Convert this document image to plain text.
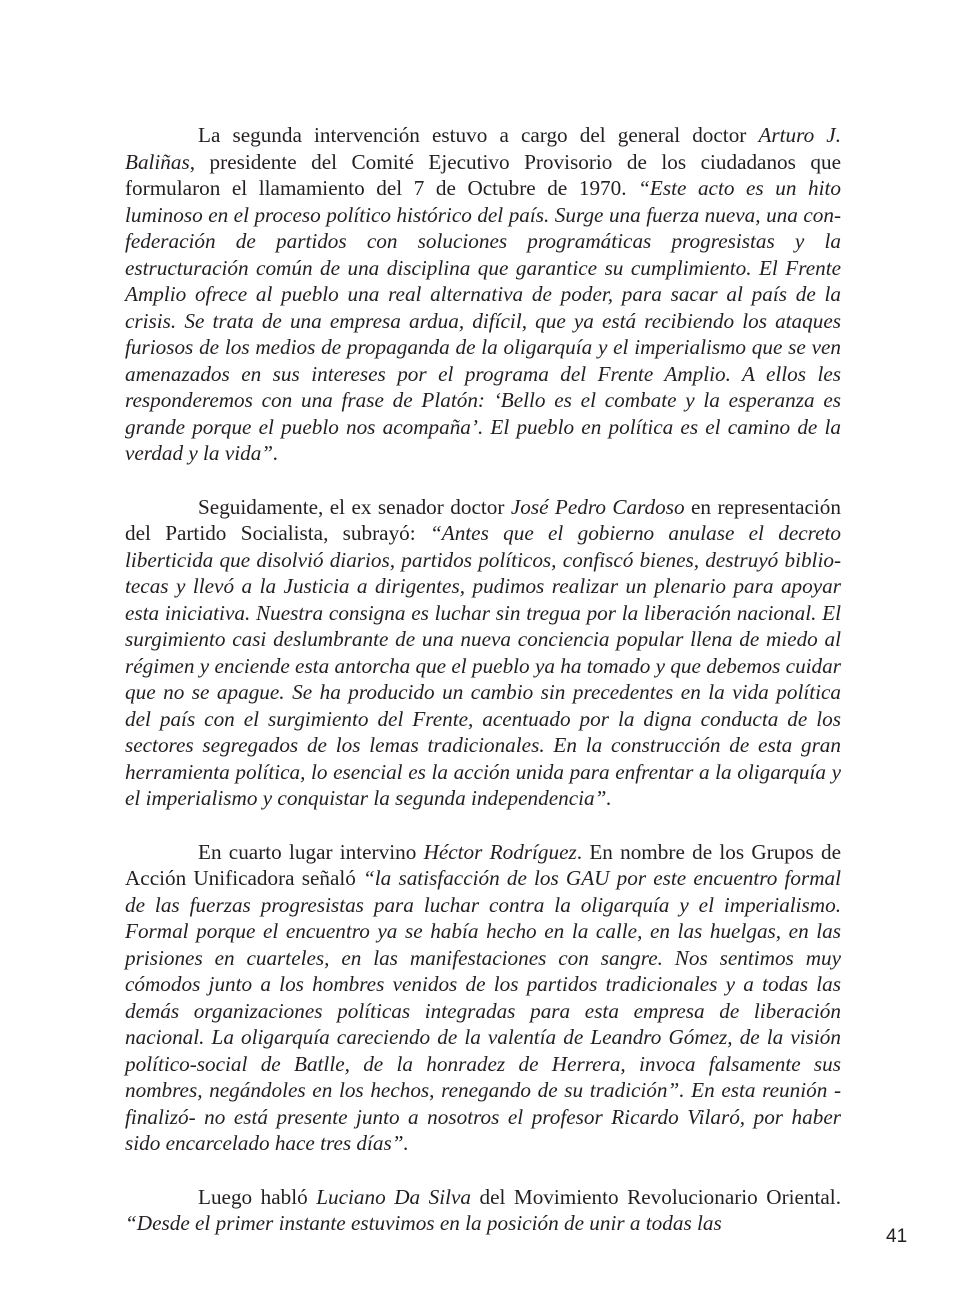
La segunda intervención estuvo a cargo del general doctor Arturo J. Baliñas, presidente del Comité Ejecutivo Provisorio de los ciudadanos que formularon el llamamiento del 7 de Octubre de 1970. “Este acto es un hito luminoso en el proceso político histórico del país. Surge una fuerza nueva, una confederación de partidos con soluciones programáticas progresistas y la estructuración común de una disciplina que garantice su cumplimiento. El Frente Amplio ofrece al pueblo una real alternativa de poder, para sacar al país de la crisis. Se trata de una empresa ardua, difícil, que ya está recibiendo los ataques furiosos de los medios de propaganda de la oligarquía y el imperialismo que se ven amenazados en sus intereses por el programa del Frente Amplio. A ellos les responderemos con una frase de Platón: ‘Bello es el combate y la esperanza es grande porque el pueblo nos acompaña’. El pueblo en política es el camino de la verdad y la vida”.

Seguidamente, el ex senador doctor José Pedro Cardoso en representación del Partido Socialista, subrayó: “Antes que el gobierno anulase el decreto liberticida que disolvió diarios, partidos políticos, confiscó bienes, destruyó bibliotecas y llevó a la Justicia a dirigentes, pudimos realizar un plenario para apoyar esta iniciativa. Nuestra consigna es luchar sin tregua por la liberación nacional. El surgimiento casi deslumbrante de una nueva conciencia popular llena de miedo al régimen y enciende esta antorcha que el pueblo ya ha tomado y que debemos cuidar que no se apague. Se ha producido un cambio sin precedentes en la vida política del país con el surgimiento del Frente, acentuado por la digna conducta de los sectores segregados de los lemas tradicionales. En la construcción de esta gran herramienta política, lo esencial es la acción unida para enfrentar a la oligarquía y el imperialismo y conquistar la segunda independencia”.

En cuarto lugar intervino Héctor Rodríguez. En nombre de los Grupos de Acción Unificadora señaló “la satisfacción de los GAU por este encuentro formal de las fuerzas progresistas para luchar contra la oligarquía y el imperialismo. Formal porque el encuentro ya se había hecho en la calle, en las huelgas, en las prisiones en cuarteles, en las manifestaciones con sangre. Nos sentimos muy cómodos junto a los hombres venidos de los partidos tradicionales y a todas las demás organizaciones políticas integradas para esta empresa de liberación nacional. La oligarquía careciendo de la valentía de Leandro Gómez, de la visión político-social de Batlle, de la honradez de Herrera, invoca falsamente sus nombres, negándoles en los hechos, renegando de su tradición”. En esta reunión -finalizó- no está presente junto a nosotros el profesor Ricardo Vilaró, por haber sido encarcelado hace tres días”.

Luego habló Luciano Da Silva del Movimiento Revolucionario Oriental. “Desde el primer instante estuvimos en la posición de unir a todas las

41
